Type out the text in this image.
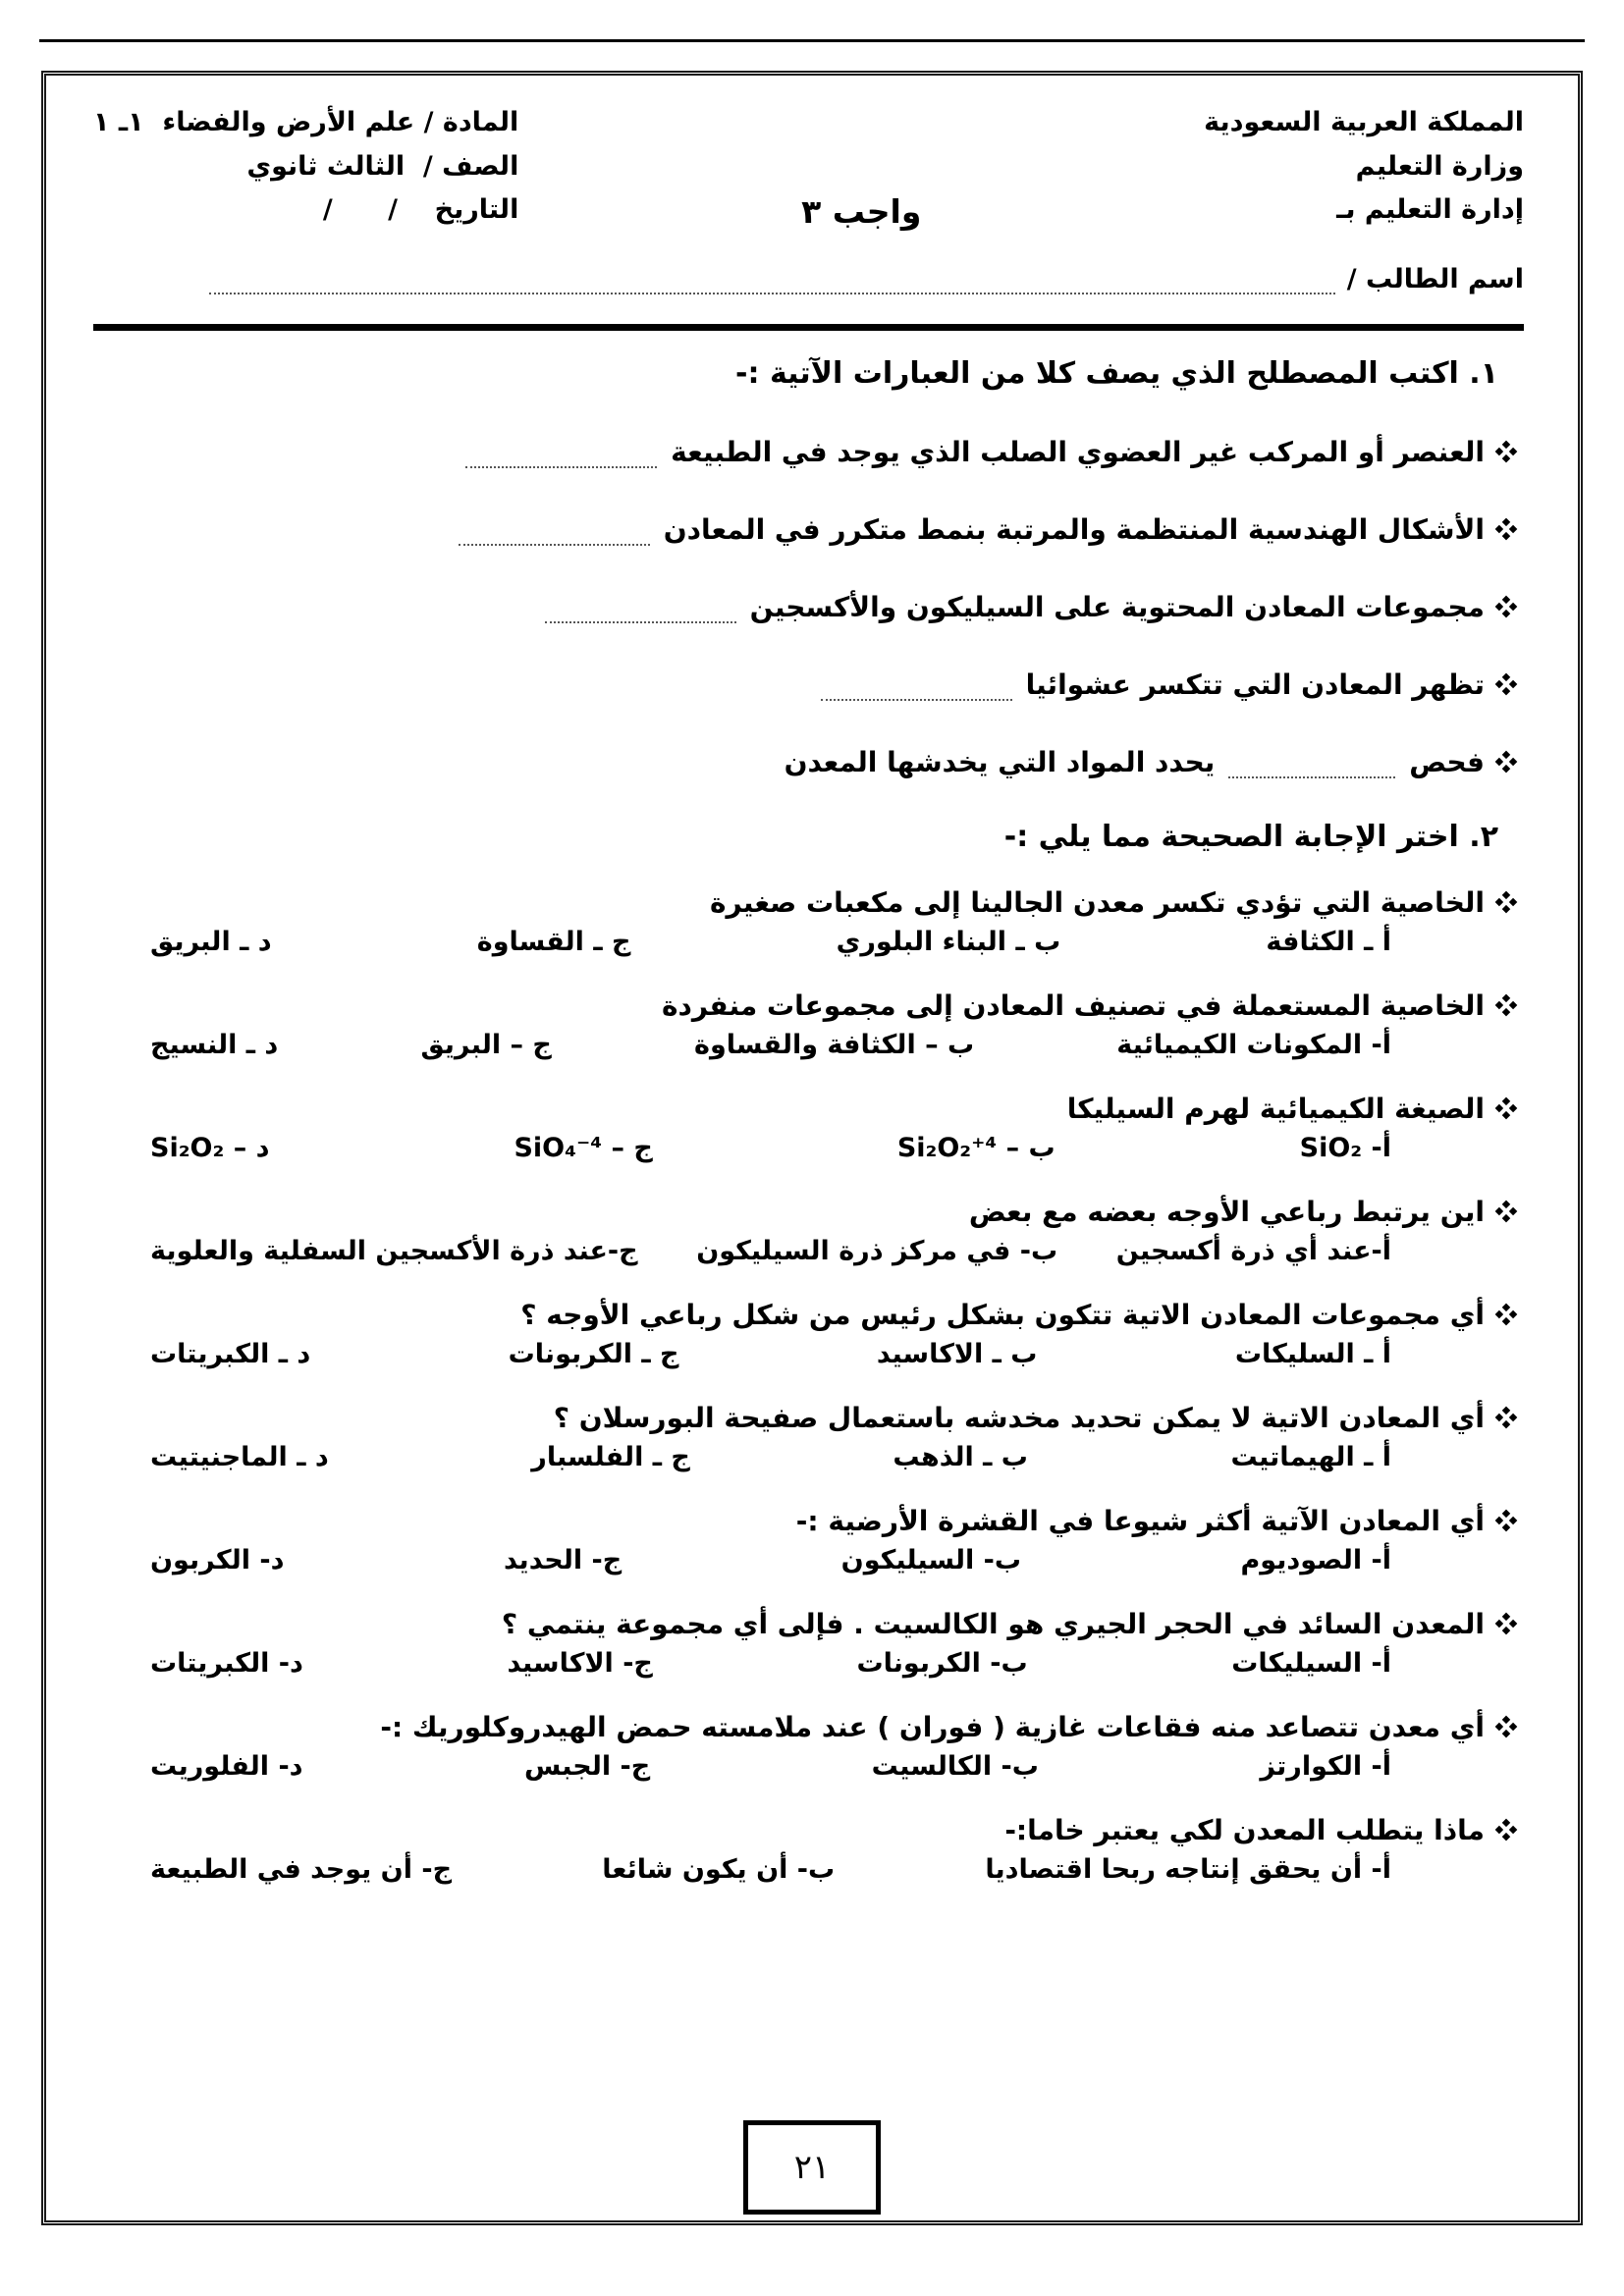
المملكة العربية السعودية
وزارة التعليم
إدارة التعليم بـ
واجب ٣
المادة / علم الأرض والفضاء  ١ـ ١
الصف /  الثالث ثانوي
التاريخ    /      /
اسم الطالب /
١. اكتب المصطلح الذي يصف كلا من العبارات الآتية :-
العنصر أو المركب غير العضوي الصلب الذي يوجد في الطبيعة
الأشكال الهندسية المنتظمة والمرتبة بنمط متكرر في المعادن
مجموعات المعادن المحتوية على السيليكون والأكسجين
تظهر المعادن التي تتكسر عشوائيا
فحص
يحدد المواد التي يخدشها المعدن
٢. اختر الإجابة الصحيحة مما يلي :-
الخاصية التي تؤدي تكسر معدن الجالينا إلى مكعبات صغيرة
أ ـ الكثافة
ب ـ البناء البلوري
ج ـ القساوة
د ـ البريق
الخاصية المستعملة في تصنيف المعادن إلى مجموعات منفردة
أ- المكونات الكيميائية
ب – الكثافة والقساوة
ج – البريق
د ـ النسيج
الصيغة الكيميائية لهرم السيليكا
أ- SiO₂
ب – Si₂O₂⁺⁴
ج – SiO₄⁻⁴
د – Si₂O₂
اين يرتبط رباعي الأوجه بعضه مع بعض
أ-عند أي ذرة أكسجين
ب- في مركز ذرة السيليكون
ج-عند ذرة الأكسجين السفلية والعلوية
أي مجموعات المعادن الاتية تتكون بشكل رئيس من شكل رباعي الأوجه ؟
أ ـ السليكات
ب ـ الاكاسيد
ج ـ الكربونات
د ـ الكبريتات
أي المعادن الاتية لا يمكن تحديد مخدشه باستعمال صفيحة البورسلان ؟
أ ـ الهيماتيت
ب ـ الذهب
ج ـ الفلسبار
د ـ الماجنيتيت
أي المعادن الآتية أكثر شيوعا في القشرة الأرضية :-
أ- الصوديوم
ب- السيليكون
ج- الحديد
د- الكربون
المعدن السائد في الحجر الجيري هو الكالسيت . فإلى أي مجموعة ينتمي ؟
أ- السيليكات
ب- الكربونات
ج- الاكاسيد
د- الكبريتات
أي معدن تتصاعد منه فقاعات غازية ( فوران ) عند ملامسته حمض الهيدروكلوريك :-
أ- الكوارتز
ب- الكالسيت
ج- الجبس
د- الفلوريت
ماذا يتطلب المعدن لكي يعتبر خاما:-
أ- أن يحقق إنتاجه ربحا اقتصاديا
ب- أن يكون شائعا
ج- أن يوجد في الطبيعة
٢١
